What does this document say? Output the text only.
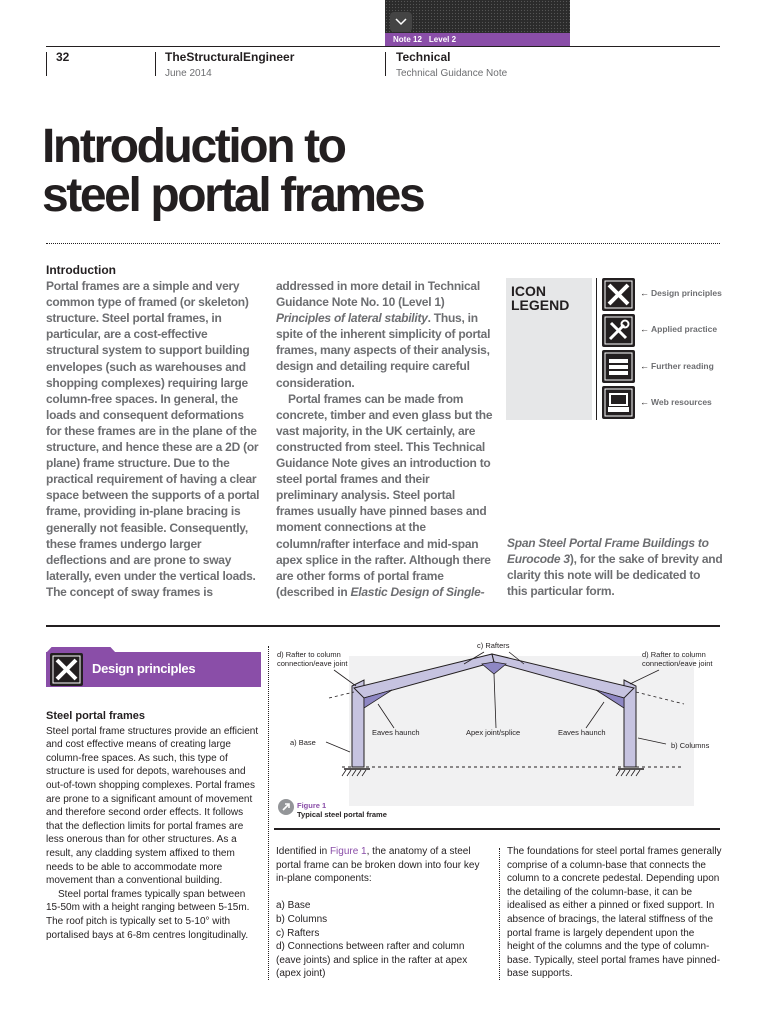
Note 12 Level 2
32	TheStructuralEngineer
June 2014
Technical
Technical Guidance Note
Introduction to
steel portal frames
Introduction

Portal frames are a simple and very common type of framed (or skeleton) structure. Steel portal frames, in particular, are a cost-effective structural system to support building envelopes (such as warehouses and shopping complexes) requiring large column-free spaces. In general, the loads and consequent deformations for these frames are in the plane of the structure, and hence these are a 2D (or plane) frame structure. Due to the practical requirement of having a clear space between the supports of a portal frame, providing in-plane bracing is generally not feasible. Consequently, these frames undergo larger deflections and are prone to sway laterally, even under the vertical loads. The concept of sway frames is

addressed in more detail in Technical Guidance Note No. 10 (Level 1) Principles of lateral stability. Thus, in spite of the inherent simplicity of portal frames, many aspects of their analysis, design and detailing require careful consideration.

Portal frames can be made from concrete, timber and even glass but the vast majority, in the UK certainly, are constructed from steel. This Technical Guidance Note gives an introduction to steel portal frames and their preliminary analysis. Steel portal frames usually have pinned bases and moment connections at the column/rafter interface and mid-span apex splice in the rafter. Although there are other forms of portal frame (described in Elastic Design of Single-

ICON
LEGEND
← Design principles
← Applied practice
← Further reading
← Web resources
Span Steel Portal Frame Buildings to Eurocode 3), for the sake of brevity and clarity this note will be dedicated to this particular form.
Design principles
Steel portal frames

Steel portal frame structures provide an efficient and cost effective means of creating large column-free spaces. As such, this type of structure is used for depots, warehouses and out-of-town shopping complexes. Portal frames are prone to a significant amount of movement and therefore second order effects. It follows that the deflection limits for portal frames are less onerous than for other structures. As a result, any cladding system affixed to them needs to be able to accommodate more movement than a conventional building.

Steel portal frames typically span between 15-50m with a height ranging between 5-15m. The roof pitch is typically set to 5-10° with portalised bays at 6-8m centres longitudinally.

c) Rafters
d) Rafter to column
connection/eave joint
d) Rafter to column
connection/eave joint
a) Base	b) Columns
Eaves haunch	Apex joint/splice	Eaves haunch
Figure 1
Typical steel portal frame

Identified in Figure 1, the anatomy of a steel portal frame can be broken down into four key in-plane components:

a) Base

b) Columns

c) Rafters

d) Connections between rafter and column (eave joints) and splice in the rafter at apex (apex joint)

The foundations for steel portal frames generally comprise of a column-base that connects the column to a concrete pedestal. Depending upon the detailing of the column-base, it can be idealised as either a pinned or fixed support. In absence of bracings, the lateral stiffness of the portal frame is largely dependent upon the height of the columns and the type of column-base. Typically, steel portal frames have pinned-base supports.
